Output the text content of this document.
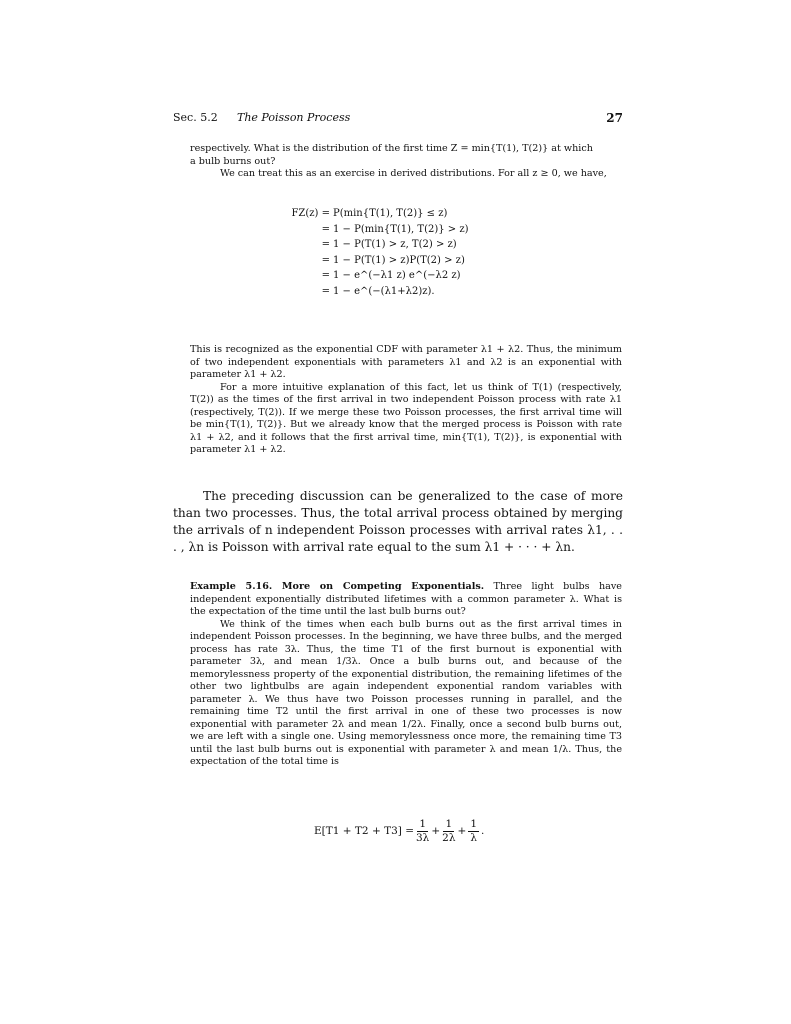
Sec. 5.2 The Poisson Process	27

respectively. What is the distribution of the first time Z = min{T(1), T(2)} at which

a bulb burns out?

We can treat this as an exercise in derived distributions. For all z ≥ 0, we have,

FZ(z) = P(min{T(1), T(2)} ≤ z)
= 1 − P(min{T(1), T(2)} > z)
= 1 − P(T(1) > z, T(2) > z)
= 1 − P(T(1) > z)P(T(2) > z)
= 1 − e^(−λ1 z) e^(−λ2 z)
= 1 − e^(−(λ1+λ2)z).

This is recognized as the exponential CDF with parameter λ1 + λ2. Thus, the minimum of two independent exponentials with parameters λ1 and λ2 is an exponential with parameter λ1 + λ2.

For a more intuitive explanation of this fact, let us think of T(1) (respectively, T(2)) as the times of the first arrival in two independent Poisson process with rate λ1 (respectively, T(2)). If we merge these two Poisson processes, the first arrival time will be min{T(1), T(2)}. But we already know that the merged process is Poisson with rate λ1 + λ2, and it follows that the first arrival time, min{T(1), T(2)}, is exponential with parameter λ1 + λ2.

The preceding discussion can be generalized to the case of more than two processes. Thus, the total arrival process obtained by merging the arrivals of n independent Poisson processes with arrival rates λ1, . . . , λn is Poisson with arrival rate equal to the sum λ1 + · · · + λn.

Example 5.16. More on Competing Exponentials. Three light bulbs have independent exponentially distributed lifetimes with a common parameter λ. What is the expectation of the time until the last bulb burns out?

We think of the times when each bulb burns out as the first arrival times in independent Poisson processes. In the beginning, we have three bulbs, and the merged process has rate 3λ. Thus, the time T1 of the first burnout is exponential with parameter 3λ, and mean 1/3λ. Once a bulb burns out, and because of the memorylessness property of the exponential distribution, the remaining lifetimes of the other two lightbulbs are again independent exponential random variables with parameter λ. We thus have two Poisson processes running in parallel, and the remaining time T2 until the first arrival in one of these two processes is now exponential with parameter 2λ and mean 1/2λ. Finally, once a second bulb burns out, we are left with a single one. Using memorylessness once more, the remaining time T3 until the last bulb burns out is exponential with parameter λ and mean 1/λ. Thus, the expectation of the total time is

$E[T1 + T2 + T3] = \frac{1}{3\lambda} + \frac{1}{2\lambda} + \frac{1}{\lambda}$ .
